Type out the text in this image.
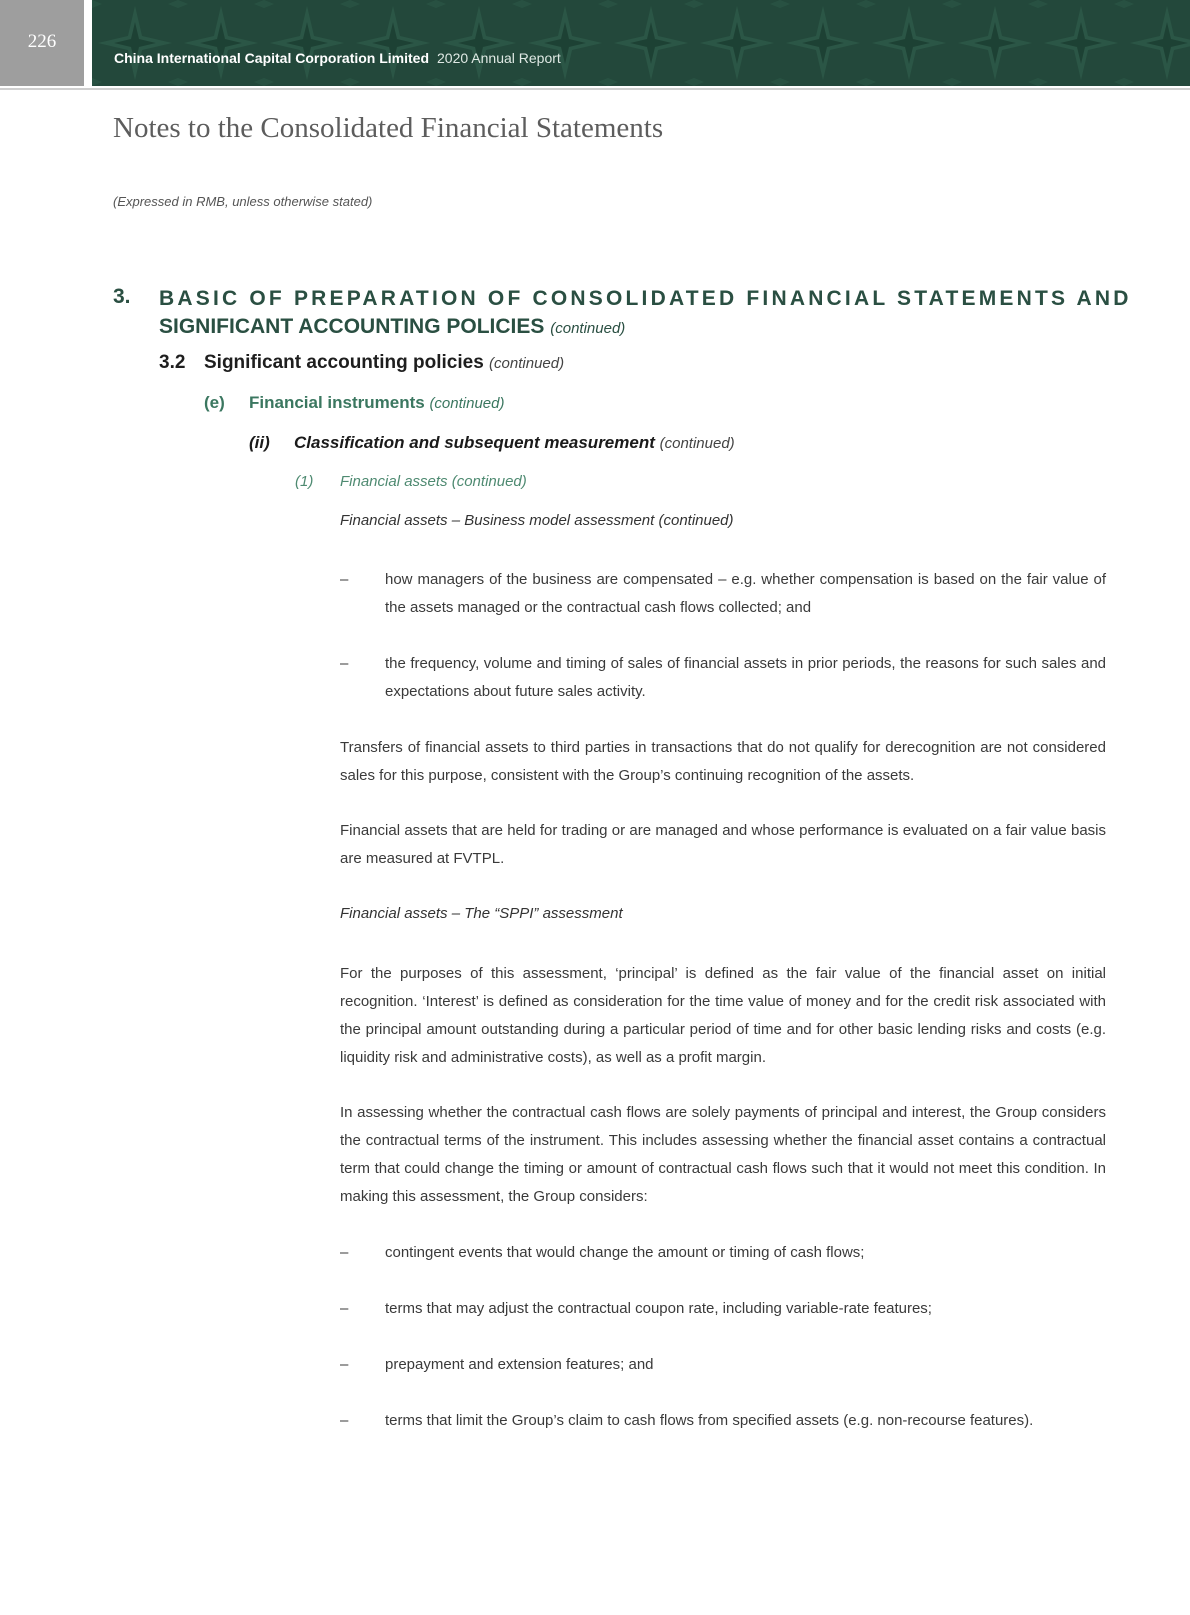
226
China International Capital Corporation Limited 2020 Annual Report
Notes to the Consolidated Financial Statements
(Expressed in RMB, unless otherwise stated)
3. BASIC OF PREPARATION OF CONSOLIDATED FINANCIAL STATEMENTS AND
SIGNIFICANT ACCOUNTING POLICIES (continued)
3.2 Significant accounting policies (continued)
(e) Financial instruments (continued)
(ii) Classification and subsequent measurement (continued)
(1) Financial assets (continued)
Financial assets – Business model assessment (continued)
– how managers of the business are compensated – e.g. whether compensation is based on the fair value of the assets managed or the contractual cash flows collected; and
– the frequency, volume and timing of sales of financial assets in prior periods, the reasons for such sales and expectations about future sales activity.
Transfers of financial assets to third parties in transactions that do not qualify for derecognition are not considered sales for this purpose, consistent with the Group’s continuing recognition of the assets.
Financial assets that are held for trading or are managed and whose performance is evaluated on a fair value basis are measured at FVTPL.
Financial assets – The “SPPI” assessment
For the purposes of this assessment, ‘principal’ is defined as the fair value of the financial asset on initial recognition. ‘Interest’ is defined as consideration for the time value of money and for the credit risk associated with the principal amount outstanding during a particular period of time and for other basic lending risks and costs (e.g. liquidity risk and administrative costs), as well as a profit margin.
In assessing whether the contractual cash flows are solely payments of principal and interest, the Group considers the contractual terms of the instrument. This includes assessing whether the financial asset contains a contractual term that could change the timing or amount of contractual cash flows such that it would not meet this condition. In making this assessment, the Group considers:
– contingent events that would change the amount or timing of cash flows;
– terms that may adjust the contractual coupon rate, including variable-rate features;
– prepayment and extension features; and
– terms that limit the Group’s claim to cash flows from specified assets (e.g. non-recourse features).
